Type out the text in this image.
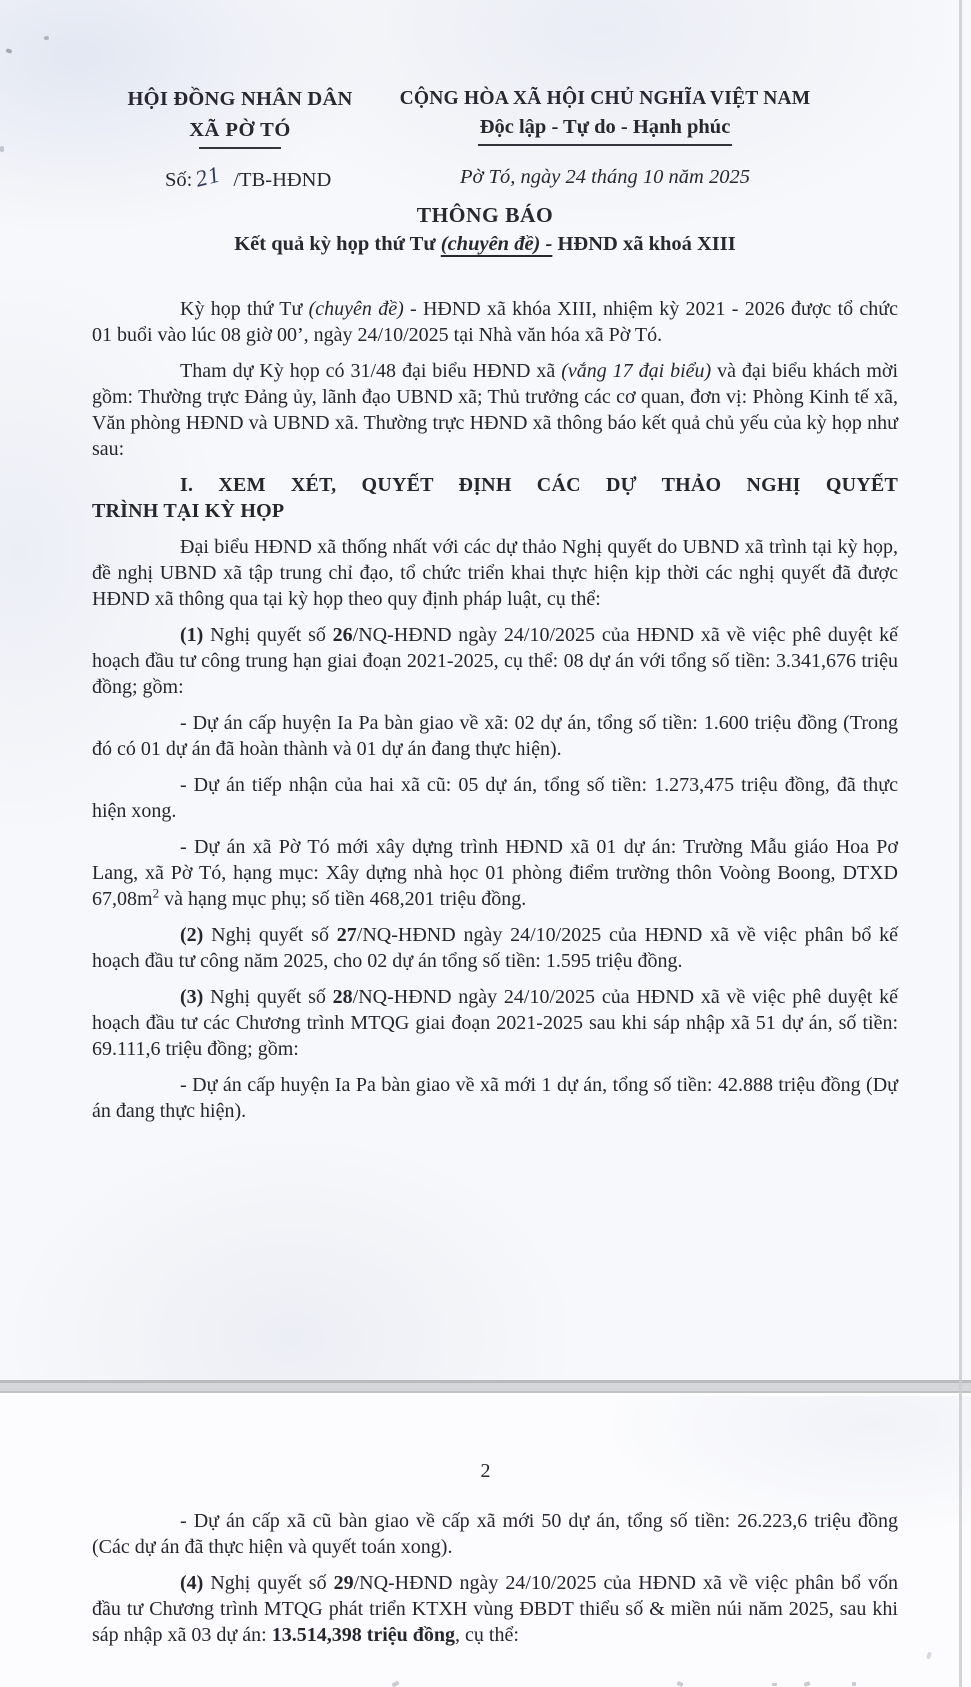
HỘI ĐỒNG NHÂN DÂN
XÃ PỜ TÓ
CỘNG HÒA XÃ HỘI CHỦ NGHĨA VIỆT NAM
Độc lập - Tự do - Hạnh phúc
Số:21 /TB-HĐND	Pờ Tó, ngày 24 tháng 10 năm 2025
THÔNG BÁO
Kết quả kỳ họp thứ Tư (chuyên đề) - HĐND xã khoá XIII

Kỳ họp thứ Tư (chuyên đề) - HĐND xã khóa XIII, nhiệm kỳ 2021 - 2026 được tổ chức 01 buổi vào lúc 08 giờ 00’, ngày 24/10/2025 tại Nhà văn hóa xã Pờ Tó.

Tham dự Kỳ họp có 31/48 đại biểu HĐND xã (vắng 17 đại biểu) và đại biểu khách mời gồm: Thường trực Đảng ủy, lãnh đạo UBND xã; Thủ trưởng các cơ quan, đơn vị: Phòng Kinh tế xã, Văn phòng HĐND và UBND xã. Thường trực HĐND xã thông báo kết quả chủ yếu của kỳ họp như sau:

I. XEM XÉT, QUYẾT ĐỊNH CÁC DỰ THẢO NGHỊ QUYẾT

TRÌNH TẠI KỲ HỌP

Đại biểu HĐND xã thống nhất với các dự thảo Nghị quyết do UBND xã trình tại kỳ họp, đề nghị UBND xã tập trung chỉ đạo, tổ chức triển khai thực hiện kịp thời các nghị quyết đã được HĐND xã thông qua tại kỳ họp theo quy định pháp luật, cụ thể:

(1) Nghị quyết số 26/NQ-HĐND ngày 24/10/2025 của HĐND xã về việc phê duyệt kế hoạch đầu tư công trung hạn giai đoạn 2021-2025, cụ thể: 08 dự án với tổng số tiền: 3.341,676 triệu đồng; gồm:

- Dự án cấp huyện Ia Pa bàn giao về xã: 02 dự án, tổng số tiền: 1.600 triệu đồng (Trong đó có 01 dự án đã hoàn thành và 01 dự án đang thực hiện).

- Dự án tiếp nhận của hai xã cũ: 05 dự án, tổng số tiền: 1.273,475 triệu đồng, đã thực hiện xong.

- Dự án xã Pờ Tó mới xây dựng trình HĐND xã 01 dự án: Trường Mẫu giáo Hoa Pơ Lang, xã Pờ Tó, hạng mục: Xây dựng nhà học 01 phòng điểm trường thôn Voòng Boong, DTXD $67,08m^2$ và hạng mục phụ; số tiền 468,201 triệu đồng.

(2) Nghị quyết số 27/NQ-HĐND ngày 24/10/2025 của HĐND xã về việc phân bổ kế hoạch đầu tư công năm 2025, cho 02 dự án tổng số tiền: 1.595 triệu đồng.

(3) Nghị quyết số 28/NQ-HĐND ngày 24/10/2025 của HĐND xã về việc phê duyệt kế hoạch đầu tư các Chương trình MTQG giai đoạn 2021-2025 sau khi sáp nhập xã 51 dự án, số tiền: 69.111,6 triệu đồng; gồm:

- Dự án cấp huyện Ia Pa bàn giao về xã mới 1 dự án, tổng số tiền: 42.888 triệu đồng (Dự án đang thực hiện).

2

- Dự án cấp xã cũ bàn giao về cấp xã mới 50 dự án, tổng số tiền: 26.223,6 triệu đồng (Các dự án đã thực hiện và quyết toán xong).

(4) Nghị quyết số 29/NQ-HĐND ngày 24/10/2025 của HĐND xã về việc phân bổ vốn đầu tư Chương trình MTQG phát triển KTXH vùng ĐBDT thiểu số & miền núi năm 2025, sau khi sáp nhập xã 03 dự án: 13.514,398 triệu đồng, cụ thể:
